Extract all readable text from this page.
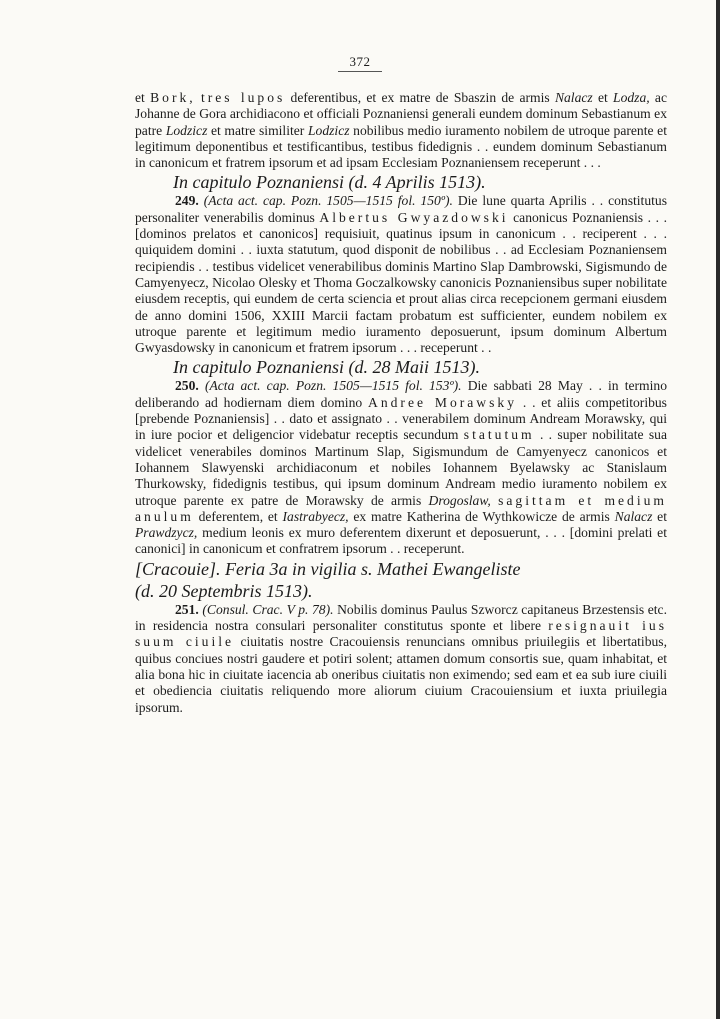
372

et Bork, tres lupos deferentibus, et ex matre de Sbaszin de armis Nalacz et Lodza, ac Johanne de Gora archidiacono et officiali Poznaniensi generali eundem dominum Sebastianum ex patre Lodzicz et matre similiter Lodzicz nobilibus medio iuramento nobilem de utroque parente et legitimum deponentibus et testificantibus, testibus fidedignis . . eundem dominum Sebastianum in canonicum et fratrem ipsorum et ad ipsam Ecclesiam Poznaniensem receperunt . . .

In capitulo Poznaniensi (d. 4 Aprilis 1513).

249. (Acta act. cap. Pozn. 1505—1515 fol. 150º). Die lune quarta Aprilis . . constitutus personaliter venerabilis dominus Albertus Gwyazdowski canonicus Poznaniensis . . . [dominos prelatos et canonicos] requisiuit, quatinus ipsum in canonicum . . reciperent . . . quiquidem domini . . iuxta statutum, quod disponit de nobilibus . . ad Ecclesiam Poznaniensem recipiendis . . testibus videlicet venerabilibus dominis Martino Slap Dambrowski, Sigismundo de Camyenyecz, Nicolao Olesky et Thoma Goczalkowsky canonicis Poznaniensibus super nobilitate eiusdem receptis, qui eundem de certa sciencia et prout alias circa recepcionem germani eiusdem de anno domini 1506, XXIII Marcii factam probatum est sufficienter, eundem nobilem ex utroque parente et legitimum medio iuramento deposuerunt, ipsum dominum Albertum Gwyasdowsky in canonicum et fratrem ipsorum . . . receperunt . .

In capitulo Poznaniensi (d. 28 Maii 1513).

250. (Acta act. cap. Pozn. 1505—1515 fol. 153º). Die sabbati 28 May . . in termino deliberando ad hodiernam diem domino Andree Morawsky . . et aliis competitoribus [prebende Poznaniensis] . . dato et assignato . . venerabilem dominum Andream Morawsky, qui in iure pocior et deligencior videbatur receptis secundum statutum . . super nobilitate sua videlicet venerabiles dominos Martinum Slap, Sigismundum de Camyenyecz canonicos et Iohannem Slawyenski archidiaconum et nobiles Iohannem Byelawsky ac Stanislaum Thurkowsky, fidedignis testibus, qui ipsum dominum Andream medio iuramento nobilem ex utroque parente ex patre de Morawsky de armis Drogoslaw, sagittam et medium anulum deferentem, et Iastrabyecz, ex matre Katherina de Wythkowicze de armis Nalacz et Prawdzycz, medium leonis ex muro deferentem dixerunt et deposuerunt, . . . [domini prelati et canonici] in canonicum et confratrem ipsorum . . receperunt.

[Cracouie]. Feria 3a in vigilia s. Mathei Ewangeliste
(d. 20 Septembris 1513).

251. (Consul. Crac. V p. 78). Nobilis dominus Paulus Szworcz capitaneus Brzestensis etc. in residencia nostra consulari personaliter constitutus sponte et libere resignauit ius suum ciuile ciuitatis nostre Cracouiensis renuncians omnibus priuilegiis et libertatibus, quibus conciues nostri gaudere et potiri solent; attamen domum consortis sue, quam inhabitat, et alia bona hic in ciuitate iacencia ab oneribus ciuitatis non eximendo; sed eam et ea sub iure ciuili et obediencia ciuitatis reliquendo more aliorum ciuium Cracouiensium et iuxta priuilegia ipsorum.
